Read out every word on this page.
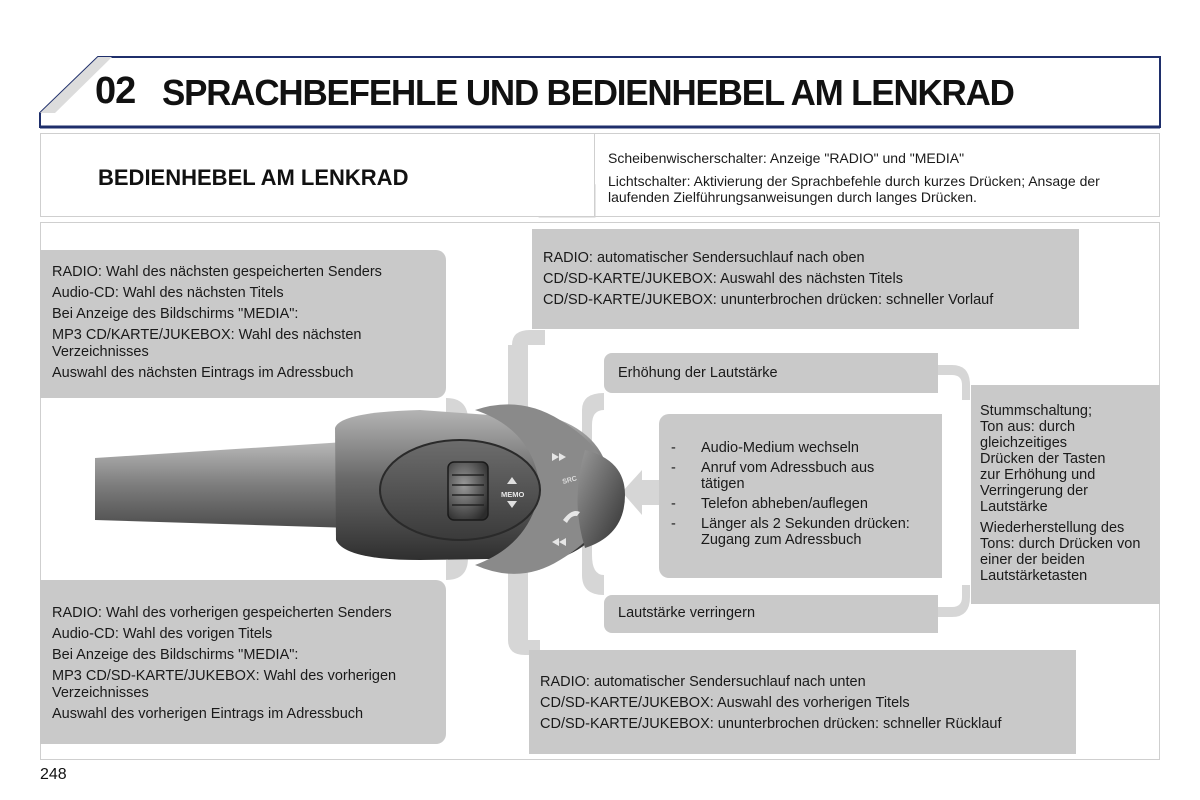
MEMO
SRC
02 SPRACHBEFEHLE UND BEDIENHEBEL AM LENKRAD
BEDIENHEBEL AM LENKRAD

Scheibenwischerschalter: Anzeige "RADIO" und "MEDIA"

Lichtschalter: Aktivierung der Sprachbefehle durch kurzes Drücken; Ansage der laufenden Zielführungsanweisungen durch langes Drücken.

RADIO: Wahl des nächsten gespeicherten Senders

Audio-CD: Wahl des nächsten Titels

Bei Anzeige des Bildschirms "MEDIA":

MP3 CD/KARTE/JUKEBOX: Wahl des nächsten Verzeichnisses

Auswahl des nächsten Eintrags im Adressbuch

RADIO: Wahl des vorherigen gespeicherten Senders

Audio-CD: Wahl des vorigen Titels

Bei Anzeige des Bildschirms "MEDIA":

MP3 CD/SD-KARTE/JUKEBOX: Wahl des vorherigen Verzeichnisses

Auswahl des vorherigen Eintrags im Adressbuch

RADIO: automatischer Sendersuchlauf nach oben

CD/SD-KARTE/JUKEBOX: Auswahl des nächsten Titels

CD/SD-KARTE/JUKEBOX: ununterbrochen drücken: schneller Vorlauf

RADIO: automatischer Sendersuchlauf nach unten

CD/SD-KARTE/JUKEBOX: Auswahl des vorherigen Titels

CD/SD-KARTE/JUKEBOX: ununterbrochen drücken: schneller Rücklauf

Erhöhung der Lautstärke
Lautstärke verringern
- Audio-Medium wechseln
- Anruf vom Adressbuch aus tätigen
- Telefon abheben/auflegen
- Länger als 2 Sekunden drücken: Zugang zum Adressbuch

Stummschaltung; Ton aus: durch gleichzeitiges Drücken der Tasten zur Erhöhung und Verringerung der Lautstärke

Wiederherstellung des Tons: durch Drücken von einer der beiden Lautstärketasten

248
